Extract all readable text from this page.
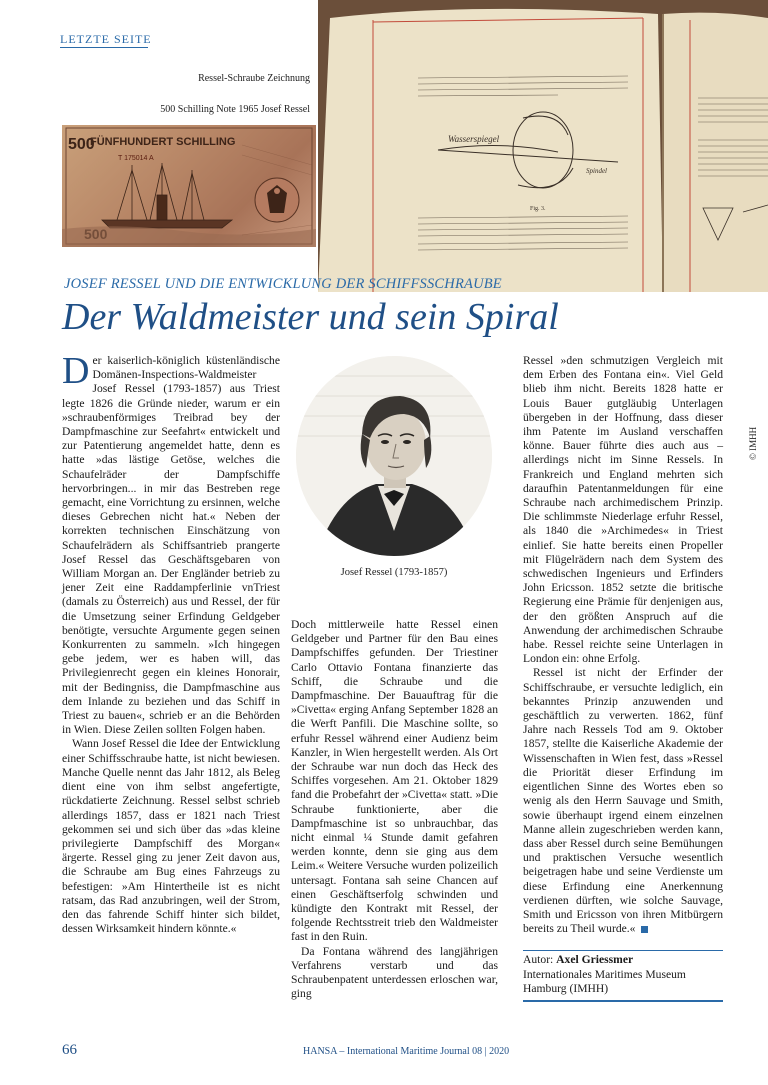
LETZTE SEITE
Ressel-Schraube Zeichnung
500 Schilling Note 1965 Josef Ressel
FÜNFHUNDERT SCHILLING
500
T 175014 A
Wasserspiegel
Spindel
Fig. 3.
JOSEF RESSEL UND DIE ENTWICKLUNG DER SCHIFFSSCHRAUBE
Der Waldmeister und sein Spiral

Der kaiserlich-königlich küstenländische Domänen-Inspections-Waldmeister Josef Ressel (1793-1857) aus Triest legte 1826 die Gründe nieder, warum er ein »schraubenförmiges Treibrad bey der Dampfmaschine zur Seefahrt« entwickelt und zur Patentierung angemeldet hatte, denn es hatte »das lästige Getöse, welches die Schaufelräder der Dampfschiffe hervorbringen... in mir das Bestreben rege gemacht, eine Vorrichtung zu ersinnen, welche dieses Gebrechen nicht hat.« Neben der korrekten technischen Einschätzung von Schaufelrädern als Schiffsantrieb prangerte Josef Ressel das Geschäftsgebaren von William Morgan an. Der Engländer betrieb zu jener Zeit eine Raddampferlinie vnTriest (damals zu Österreich) aus und Ressel, der für die Umsetzung seiner Erfindung Geldgeber benötigte, versuchte Argumente gegen seinen Konkurrenten zu sammeln. »Ich hingegen gebe jedem, wer es haben will, das Privilegienrecht gegen ein kleines Honorair, mit der Bedingniss, die Dampfmaschine aus dem Inlande zu beziehen und das Schiff in Triest zu bauen«, schrieb er an die Behörden in Wien. Diese Zeilen sollten Folgen haben.

Wann Josef Ressel die Idee der Entwicklung einer Schiffsschraube hatte, ist nicht bewiesen. Manche Quelle nennt das Jahr 1812, als Beleg dient eine von ihm selbst angefertigte, rückdatierte Zeichnung. Ressel selbst schrieb allerdings 1857, dass er 1821 nach Triest gekommen sei und sich über das »das kleine privilegierte Dampfschiff des Morgan« ärgerte. Ressel ging zu jener Zeit davon aus, die Schraube am Bug eines Fahrzeugs zu befestigen: »Am Hintertheile ist es nicht ratsam, das Rad anzubringen, weil der Strom, den das fahrende Schiff hinter sich bildet, dessen Wirksamkeit hindern könnte.«

Josef Ressel (1793-1857)

Doch mittlerweile hatte Ressel einen Geldgeber und Partner für den Bau eines Dampfschiffes gefunden. Der Triestiner Carlo Ottavio Fontana finanzierte das Schiff, die Schraube und die Dampfmaschine. Der Bauauftrag für die »Civetta« erging Anfang September 1828 an die Werft Panfili. Die Maschine sollte, so erfuhr Ressel während einer Audienz beim Kanzler, in Wien hergestellt werden. Als Ort der Schraube war nun doch das Heck des Schiffes vorgesehen. Am 21. Oktober 1829 fand die Probefahrt der »Civetta« statt. »Die Schraube funktionierte, aber die Dampfmaschine ist so unbrauchbar, das nicht einmal ¼ Stunde damit gefahren werden konnte, denn sie ging aus dem Leim.« Weitere Versuche wurden polizeilich untersagt. Fontana sah seine Chancen auf einen Geschäftserfolg schwinden und kündigte den Kontrakt mit Ressel, der folgende Rechtsstreit trieb den Waldmeister fast in den Ruin.

Da Fontana während des langjährigen Verfahrens verstarb und das Schraubenpatent unterdessen erloschen war, ging

Ressel »den schmutzigen Vergleich mit dem Erben des Fontana ein«. Viel Geld blieb ihm nicht. Bereits 1828 hatte er Louis Bauer gutgläubig Unterlagen übergeben in der Hoffnung, dass dieser ihm Patente im Ausland verschaffen könne. Bauer führte dies auch aus – allerdings nicht im Sinne Ressels. In Frankreich und England mehrten sich daraufhin Patentanmeldungen für eine Schraube nach archimedischem Prinzip. Die schlimmste Niederlage erfuhr Ressel, als 1840 die »Archimedes« in Triest einlief. Sie hatte bereits einen Propeller mit Flügelrädern nach dem System des schwedischen Ingenieurs und Erfinders John Ericsson. 1852 setzte die britische Regierung eine Prämie für denjenigen aus, der den größten Anspruch auf die Anwendung der archimedischen Schraube habe. Ressel reichte seine Unterlagen in London ein: ohne Erfolg.

Ressel ist nicht der Erfinder der Schiffschraube, er versuchte lediglich, ein bekanntes Prinzip anzuwenden und geschäftlich zu verwerten. 1862, fünf Jahre nach Ressels Tod am 9. Oktober 1857, stellte die Kaiserliche Akademie der Wissenschaften in Wien fest, dass »Ressel die Priorität dieser Erfindung im eigentlichen Sinne des Wortes eben so wenig als den Herrn Sauvage und Smith, sowie überhaupt irgend einem einzelnen Manne allein zugeschrieben werden kann, dass aber Ressel durch seine Bemühungen und praktischen Versuche wesentlich beigetragen habe und seine Verdienste um diese Erfindung eine Anerkennung verdienen dürften, wie solche Sauvage, Smith und Ericsson von ihren Mitbürgern bereits zu Theil wurde.«

Autor: Axel Griessmer
Internationales Maritimes Museum
Hamburg (IMHH)
© IMHH
66	HANSA – International Maritime Journal 08 | 2020
